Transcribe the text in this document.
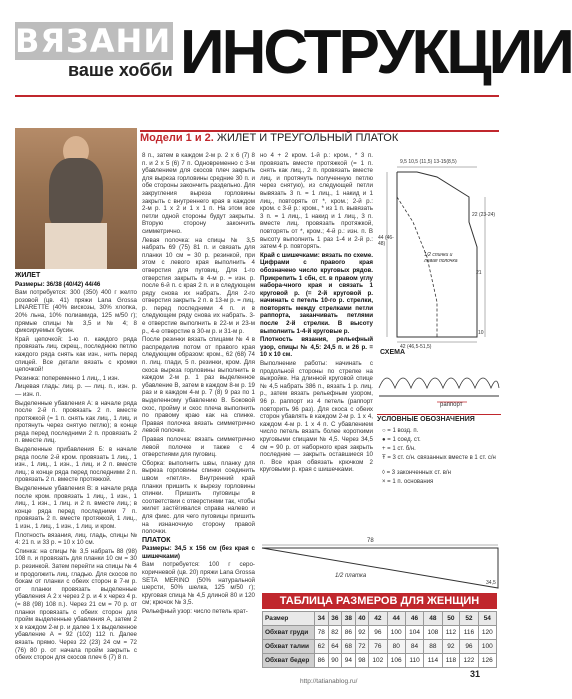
ВЯЗАНИЕ
ваше хобби ИНСТРУКЦИИ
Модели 1 и 2. ЖИЛЕТ И ТРЕУГОЛЬНЫЙ ПЛАТОК

ЖИЛЕТ

Размеры: 36/38 (40/42) 44/46

Вам потребуется: 300 (350) 400 г желто розовой (цв. 41) пряжи Lana Grossa LINARETTE (40% вискозы, 30% хлопка, 20% льна, 10% полиамида, 125 м/50 г); прямые спицы № 3,5 и № 4; 8 фиксируемых бусин.

Край цепочкой: 1-ю п. каждого ряда провязать лиц. скрещ., последнюю петлю каждого ряда снять как изн., нить перед спицей. Все детали вязать с кромки цепочкой!

Резинка: попеременно 1 лиц., 1 изн.

Лицевая гладь: лиц. р. — лиц. п., изн. р. — изн. п.

Выделенные убавления А: в начале ряда после 2-й п. провязать 2 п. вместе протяжкой (= 1 п. снять как лиц., 1 лиц. и протянуть через снятую петлю); в конце ряда перед последними 2 п. провязать 2 п. вместе лиц.

Выделенные прибавления Б: в начале ряда после 2-й кром. провязать 1 лиц., 1 изн., 1 лиц., 1 изн., 1 лиц. и 2 п. вместе лиц.; в конце ряда перед последними 2 п. провязать 2 п. вместе протяжкой.

Выделенные убавления В: в начале ряда после кром. провязать 1 лиц., 1 изн., 1 лиц., 1 изн., 1 лиц. и 2 п. вместе лиц.; в конце ряда перед последними 7 п. провязать 2 п. вместе протяжкой, 1 лиц., 1 изн., 1 лиц., 1 изн., 1 лиц. и кром.

Плотность вязания, лиц. гладь, спицы № 4: 21 п. и 33 р. = 10 х 10 см.

Спинка: на спицы № 3,5 набрать 88 (98) 108 п. и провязать для планки 10 см = 30 р. резинкой. Затем перейти на спицы № 4 и продолжить лиц. гладью. Для скосов по бокам от планки с обеих сторон в 7-м р. от планки провязать выделенные убавления А 2 х через 2 р. и 4 х через 4 р. (= 88 (98) 108 п.). Через 21 см = 70 р. от планки провязать с обеих сторон для пройм выделенные убавления А, затем 2 х в каждом 2-м р. и далее 1 х выделенное убавление А = 92 (102) 112 п. Далее вязать прямо. Через 22 (23) 24 см = 72 (76) 80 р. от начала пройм закрыть с обеих сторон для скосов плеч 6 (7) 8 п.

8 п., затем в каждом 2-м р. 2 х 6 (7) 8 п. и 2 х 5 (6) 7 п. Одновременно с 3-м убавлением для скосов плеч закрыть для выреза горловины средние 30 п. и обе стороны закончить раздельно. Для закругления выреза горловины закрыть с внутреннего края в каждом 2-м р. 1 х 2 и 1 х 1 п. На этом все петли одной стороны будут закрыты. Вторую сторону закончить симметрично.

Левая полочка: на спицы № 3,5 набрать 69 (75) 81 п. и связать для планки 10 см = 30 р. резинкой, при этом с левого края выполнить 4 отверстия для пуговиц. Для 1-го отверстия закрыть в 4-м р. = изн. р. после 6-й п. с края 2 п. и в следующем ряду снова их набрать. Для 2-го отверстия закрыть 2 п. в 13-м р. = лиц. р. перед последними 4 п. и в следующем ряду снова их набрать. 3-е отверстие выполнить в 22-м и 23-м р., 4-е отверстие в 30-м р. и 31-м р.

После резинки вязать спицами № 4 в распределив потом от правого края следующим образом: кром., 62 (68) 74 п. лиц. глади, 5 п. резинки, кром. Для скоса выреза горловины выполнить в каждом 2-м р. 1 раз выделенное убавление В, затем в каждом 8-м р. 19 раз и в каждом 4-м р. 7 (8) 9 раз по 1 выделенному убавлению В. Боковой скос, пройму и скос плеча выполнить по правому краю как на спинке. Правая полочка вязать симметрично левой полочке.

Правая полочка: вязать симметрично левой полочке и также с 4 отверстиями для пуговиц.

Сборка: выполнить швы, планку для выреза горловины спинки соединить швом «петля». Внутренний край планки пришить к вырезу горловины спинки. Пришить пуговицы в соответствии с отверстиями так, чтобы жилет застёгивался справа налево и для фикс. для чего пуговицы пришить на изнаночную сторону правой полочки.

ПЛАТОК

Размеры: 34,5 x 156 см (без края с шишечками)

Вам потребуется: 100 г серо-коричневой (цв. 20) пряжи Lana Grossa SETA MERINO (50% натуральной шерсти, 50% шелка, 125 м/50 г); круговая спица № 4,5 длиной 80 и 120 см; крючок № 3,5.

Рельефный узор: число петель крат-

но 4 + 2 кром. 1-й р.: кром., * 3 п. провязать вместе протяжкой (= 1 п. снять как лиц., 2 п. провязать вместе лиц. и протянуть полученную петлю через снятую), из следующей петли вывязать 3 п. = 1 лиц., 1 накид и 1 лиц., повторять от *, кром.; 2-й р.: кром. с 3-й р.: кром., * из 1 п. вывязать 3 п. = 1 лиц., 1 накид и 1 лиц., 3 п. вместе лиц. провязать протяжкой, повторять от *, кром.; 4-й р.: изн. п. В высоту выполнить 1 раз 1-4 и 2-й р.: затем 4 р. повторять.

Край с шишечками: вязать по схеме. Цифрами с правого края обозначено число круговых рядов. Прикрепить 1 сбн, ст. в правом углу набора-чного края и связать 1 круговой р. (= 2-й круговой р. начинать с петель 10-го р. стрелки, повторять между стрелками петли раппорта, заканчивать петлями после 2-й стрелки. В высоту выполнить 1-4-й круговые р.

Плотность вязания, рельефный узор, спицы № 4,5: 24,5 п. и 26 р. = 10 x 10 см.

Выполнение работы: начинать с продольной стороны по стрелке на выкройке. На длинной круговой спице № 4,5 набрать 386 п., вязать 1 р. лиц. р., затем вязать рельефным узором, 96 р. раппорт из 4 петель (раппорт повторить 96 раз). Для скоса с обеих сторон убавлять в каждом 2-м р. 1 х 4, каждом 4-м р. 1 х 4 п. С убавлением число петель вязать более короткими круговыми спицами № 4,5. Через 34,5 см = 90 р. от наборного края закрыть последние — закрыть оставшиеся 10 п. Все края обвязать крючком 2 круговыми р. края с шишечками.

9,5 10,5 (11,5) 13-15(8,5)
22 (23-24)
44 (46-48)
21
42 (46,5-51,5)
10
1/2 спинки и левая полочка
СХЕМА
раппорт
УСЛОВНЫЕ ОБОЗНАЧЕНИЯ
○ = 1 возд. п.
● = 1 соед. ст.
+ = 1 ст. б/н.
Ŧ = 3 ст. с/н. связанных вместе в 1 ст. с/н
◊ = 3 законченных ст. в/н
× = 1 п. основания
78
1/2 платка
34,5
ТАБЛИЦА РАЗМЕРОВ ДЛЯ ЖЕНЩИН
Размер	34	36	38	40	42	44	46	48	50	52	54
Обхват груди	78	82	86	92	96	100	104	108	112	116	120
Обхват талии	62	64	68	72	76	80	84	88	92	96	100
Обхват бедер	86	90	94	98	102	106	110	114	118	122	126
http://tatianablog.ru/
31
